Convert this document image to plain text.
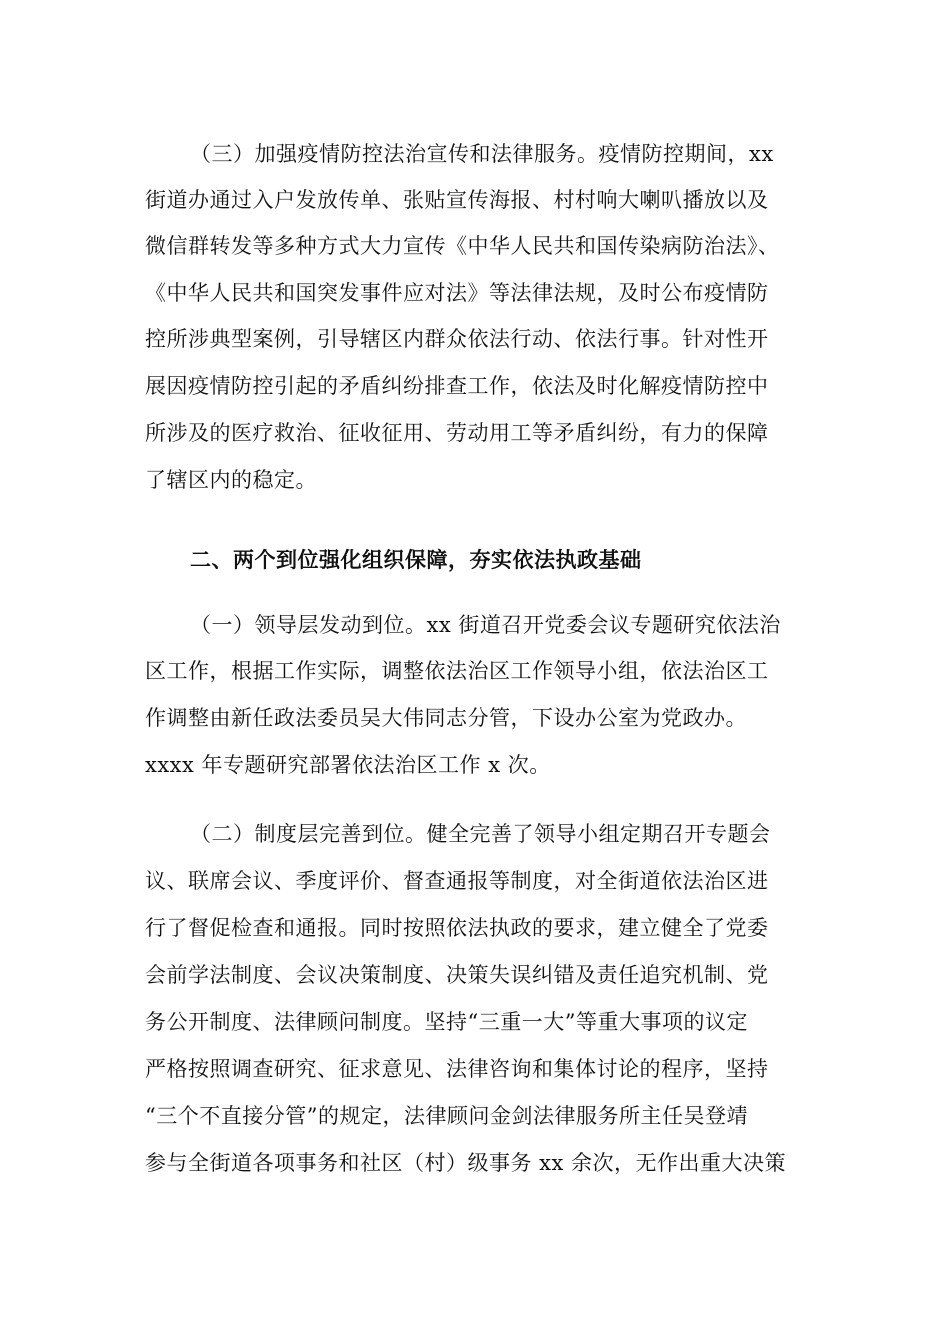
（三）加强疫情防控法治宣传和法律服务。疫情防控期间，xx
街道办通过入户发放传单、张贴宣传海报、村村响大喇叭播放以及
微信群转发等多种方式大力宣传《中华人民共和国传染病防治法》、
《中华人民共和国突发事件应对法》等法律法规，及时公布疫情防
控所涉典型案例，引导辖区内群众依法行动、依法行事。针对性开
展因疫情防控引起的矛盾纠纷排查工作，依法及时化解疫情防控中
所涉及的医疗救治、征收征用、劳动用工等矛盾纠纷，有力的保障
了辖区内的稳定。
二、两个到位强化组织保障，夯实依法执政基础
（一）领导层发动到位。xx 街道召开党委会议专题研究依法治
区工作，根据工作实际，调整依法治区工作领导小组，依法治区工
作调整由新任政法委员吴大伟同志分管，下设办公室为党政办。
xxxx 年专题研究部署依法治区工作 x 次。
（二）制度层完善到位。健全完善了领导小组定期召开专题会
议、联席会议、季度评价、督查通报等制度，对全街道依法治区进
行了督促检查和通报。同时按照依法执政的要求，建立健全了党委
会前学法制度、会议决策制度、决策失误纠错及责任追究机制、党
务公开制度、法律顾问制度。坚持“三重一大”等重大事项的议定
严格按照调查研究、征求意见、法律咨询和集体讨论的程序，坚持
“三个不直接分管”的规定，法律顾问金剑法律服务所主任吴登靖
参与全街道各项事务和社区（村）级事务 xx 余次，无作出重大决策
